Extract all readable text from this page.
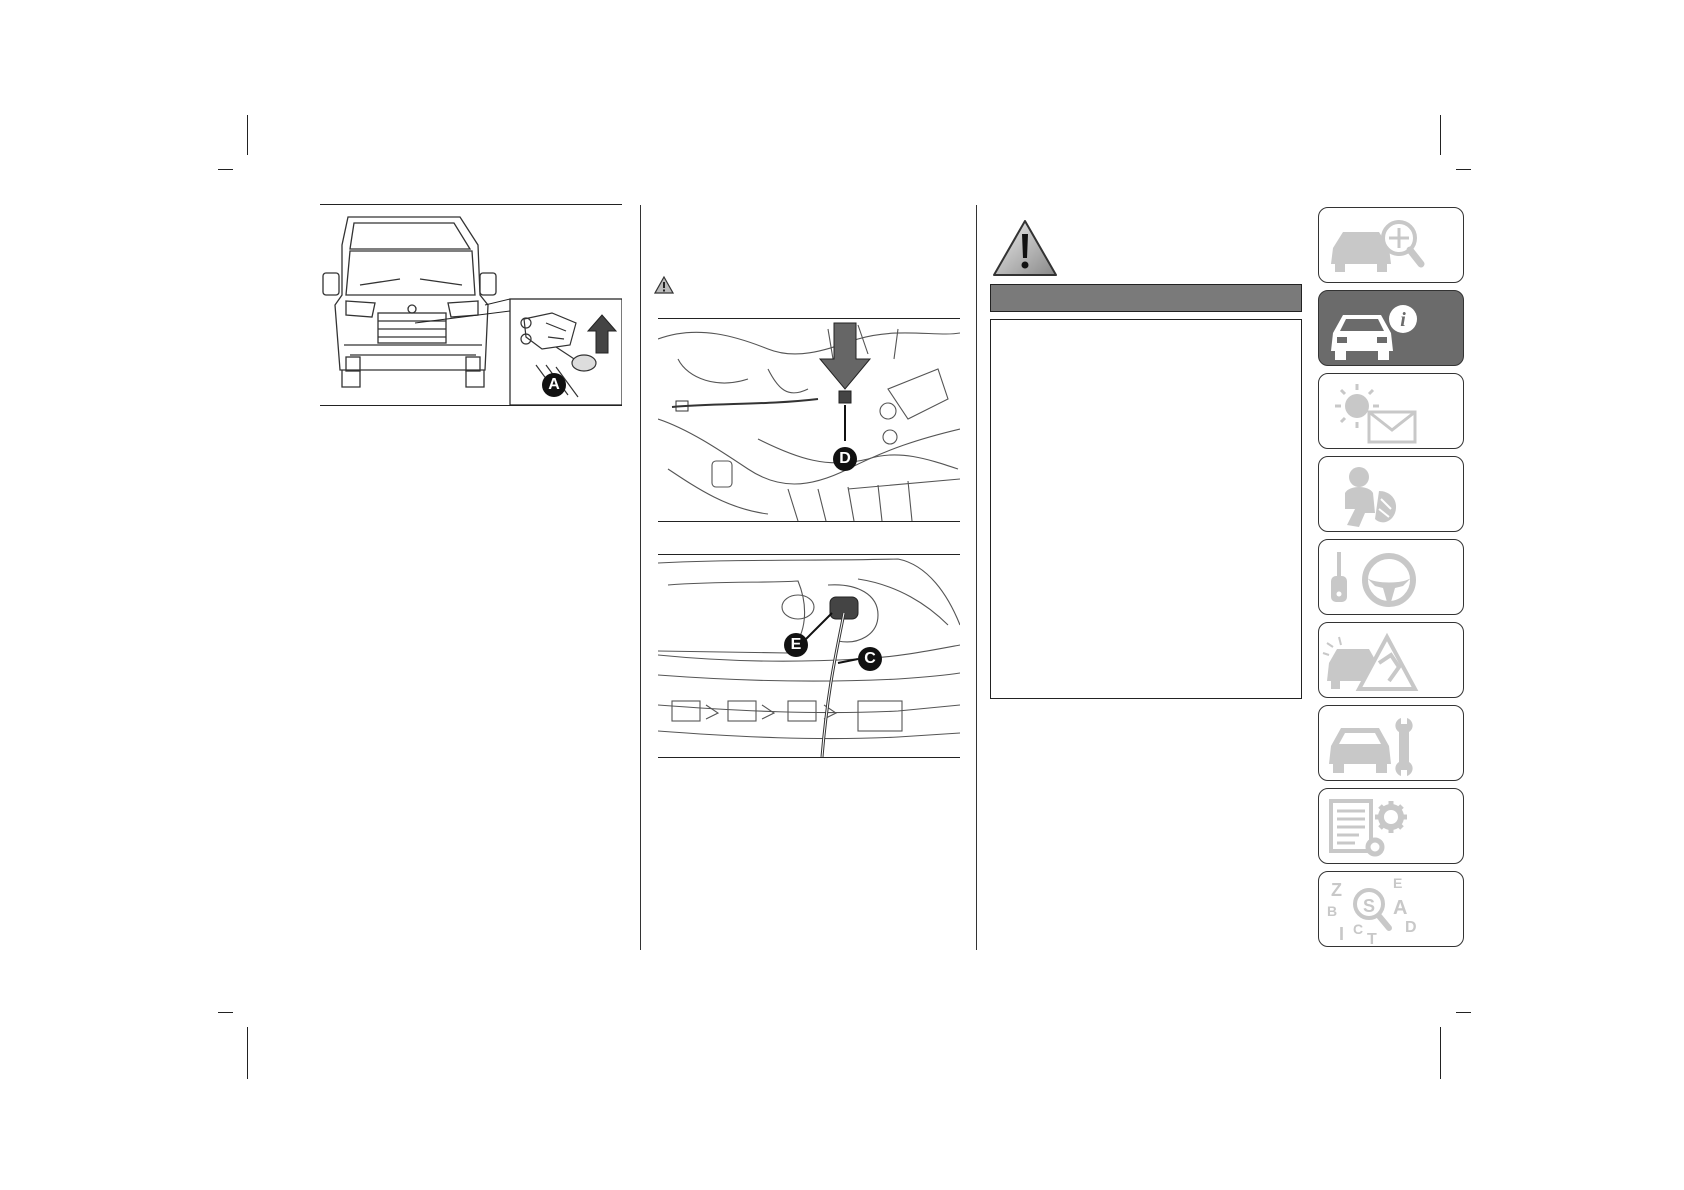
A
D
E
C
i
Z
B
I C
T
E
A
D
S
